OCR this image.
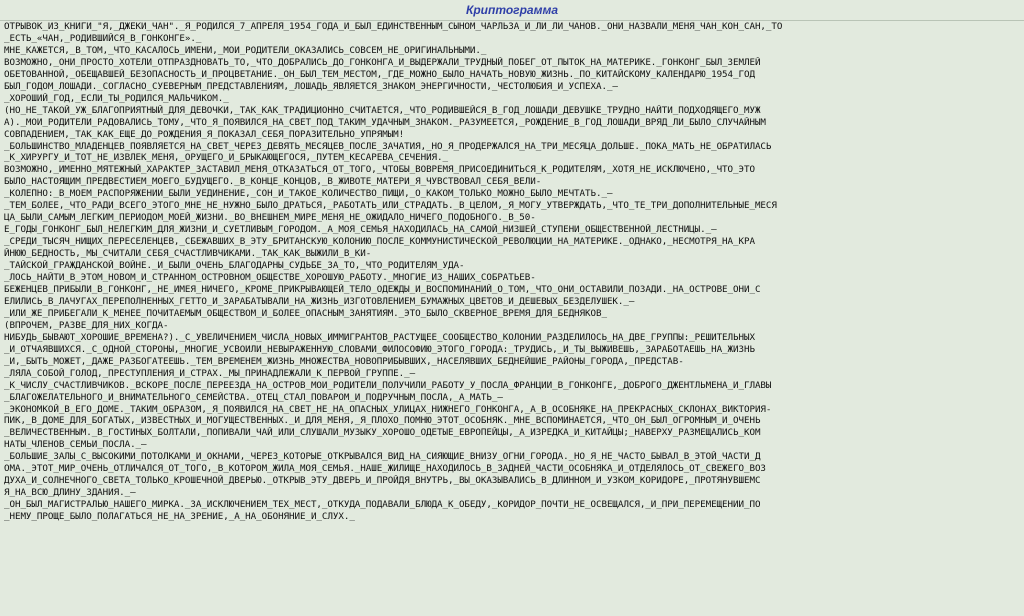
Криптограмма
ОТРЫВОК_ИЗ_КНИГИ_"Я,_ДЖЕКИ_ЧАН"._Я_РОДИЛСЯ_7_АПРЕЛЯ_1954_ГОДА_И_БЫЛ_ЕДИНСТВЕННЫМ_СЫНОМ_ЧАРЛЬЗА_И_ЛИ_ЛИ_ЧАНОВ._ОНИ_НАЗВАЛИ_МЕНЯ_ЧАН_КОН_САН,_ТО
_ЕСТЬ_«ЧАН,_РОДИВШИЙСЯ_В_ГОНКОНГЕ»._
МНЕ_КАЖЕТСЯ,_В_ТОМ,_ЧТО_КАСАЛОСЬ_ИМЕНИ,_МОИ_РОДИТЕЛИ_ОКАЗАЛИСЬ_СОВСЕМ_НЕ_ОРИГИНАЛЬНЫМИ._
ВОЗМОЖНО,_ОНИ_ПРОСТО_ХОТЕЛИ_ОТПРАЗДНОВАТЬ_ТО,_ЧТО_ДОБРАЛИСЬ_ДО_ГОНКОНГА_И_ВЫДЕРЖАЛИ_ТРУДНЫЙ_ПОБЕГ_ОТ_ПЫТОК_НА_МАТЕРИКЕ._ГОНКОНГ_БЫЛ_ЗЕМЛЕЙ
ОБЕТОВАННОЙ,_ОБЕЩАВШЕЙ_БЕЗОПАСНОСТЬ_И_ПРОЦВЕТАНИЕ._ОН_БЫЛ_ТЕМ_МЕСТОМ,_ГДЕ_МОЖНО_БЫЛО_НАЧАТЬ_НОВУЮ_ЖИЗНЬ._ПО_КИТАЙСКОМУ_КАЛЕНДАРЮ_1954_ГОД
БЫЛ_ГОДОМ_ЛОШАДИ._СОГЛАСНО_СУЕВЕРНЫМ_ПРЕДСТАВЛЕНИЯМ,_ЛОШАДЬ_ЯВЛЯЕТСЯ_ЗНАКОМ_ЭНЕРГИЧНОСТИ,_ЧЕСТОЛЮБИЯ_И_УСПЕХА._—
_ХОРОШИЙ_ГОД,_ЕСЛИ_ТЫ_РОДИЛСЯ_МАЛЬЧИКОМ._
(НО_НЕ_ТАКОЙ_УЖ_БЛАГОПРИЯТНЫЙ_ДЛЯ_ДЕВОЧКИ,_ТАК_КАК_ТРАДИЦИОННО_СЧИТАЕТСЯ,_ЧТО_РОДИВШЕЙСЯ_В_ГОД_ЛОШАДИ_ДЕВУШКЕ_ТРУДНО_НАЙТИ_ПОДХОДЯЩЕГО_МУЖ
А)._МОИ_РОДИТЕЛИ_РАДОВАЛИСЬ_ТОМУ,_ЧТО_Я_ПОЯВИЛСЯ_НА_СВЕТ_ПОД_ТАКИМ_УДАЧНЫМ_ЗНАКОМ._РАЗУМЕЕТСЯ,_РОЖДЕНИЕ_В_ГОД_ЛОШАДИ_ВРЯД_ЛИ_БЫЛО_СЛУЧАЙНЫМ
СОВПАДЕНИЕМ,_ТАК_КАК_ЕЩЕ_ДО_РОЖДЕНИЯ_Я_ПОКАЗАЛ_СЕБЯ_ПОРАЗИТЕЛЬНО_УПРЯМЫМ!
_БОЛЬШИНСТВО_МЛАДЕНЦЕВ_ПОЯВЛЯЕТСЯ_НА_СВЕТ_ЧЕРЕЗ_ДЕВЯТЬ_МЕСЯЦЕВ_ПОСЛЕ_ЗАЧАТИЯ,_НО_Я_ПРОДЕРЖАЛСЯ_НА_ТРИ_МЕСЯЦА_ДОЛЬШЕ._ПОКА_МАТЬ_НЕ_ОБРАТИЛАСЬ
_К_ХИРУРГУ_И_ТОТ_НЕ_ИЗВЛЕК_МЕНЯ,_ОРУЩЕГО_И_БРЫКАЮЩЕГОСЯ,_ПУТЕМ_КЕСАРЕВА_СЕЧЕНИЯ._
ВОЗМОЖНО,_ИМЕННО_МЯТЕЖНЫЙ_ХАРАКТЕР_ЗАСТАВИЛ_МЕНЯ_ОТКАЗАТЬСЯ_ОТ_ТОГО,_ЧТОБЫ_ВОВРЕМЯ_ПРИСОЕДИНИТЬСЯ_К_РОДИТЕЛЯМ,_ХОТЯ_НЕ_ИСКЛЮЧЕНО,_ЧТО_ЭТО
БЫЛО_НАСТОЯЩИМ_ПРЕДВЕСТИЕМ_МОЕГО_БУДУЩЕГО._В_КОНЦЕ_КОНЦОВ,_В_ЖИВОТЕ_МАТЕРИ_Я_ЧУВСТВОВАЛ_СЕБЯ_ВЕЛИ-
_КОЛЕПНО:_В_МОЕМ_РАСПОРЯЖЕНИИ_БЫЛИ_УЕДИНЕНИЕ,_СОН_И_ТАКОЕ_КОЛИЧЕСТВО_ПИЩИ,_О_КАКОМ_ТОЛЬКО_МОЖНО_БЫЛО_МЕЧТАТЬ._—
_ТЕМ_БОЛЕЕ,_ЧТО_РАДИ_ВСЕГО_ЭТОГО_МНЕ_НЕ_НУЖНО_БЫЛО_ДРАТЬСЯ,_РАБОТАТЬ_ИЛИ_СТРАДАТЬ._В_ЦЕЛОМ,_Я_МОГУ_УТВЕРЖДАТЬ,_ЧТО_ТЕ_ТРИ_ДОПОЛНИТЕЛЬНЫЕ_МЕСЯ
ЦА_БЫЛИ_САМЫМ_ЛЕГКИМ_ПЕРИОДОМ_МОЕЙ_ЖИЗНИ._ВО_ВНЕШНЕМ_МИРЕ_МЕНЯ_НЕ_ОЖИДАЛО_НИЧЕГО_ПОДОБНОГО._В_50-
Е_ГОДЫ_ГОНКОНГ_БЫЛ_НЕЛЕГКИМ_ДЛЯ_ЖИЗНИ_И_СУЕТЛИВЫМ_ГОРОДОМ._А_МОЯ_СЕМЬЯ_НАХОДИЛАСЬ_НА_САМОЙ_НИЗШЕЙ_СТУПЕНИ_ОБЩЕСТВЕННОЙ_ЛЕСТНИЦЫ._—
_СРЕДИ_ТЫСЯЧ_НИЩИХ_ПЕРЕСЕЛЕНЦЕВ,_СБЕЖАВШИХ_В_ЭТУ_БРИТАНСКУЮ_КОЛОНИЮ_ПОСЛЕ_КОММУНИСТИЧЕСКОЙ_РЕВОЛЮЦИИ_НА_МАТЕРИКЕ._ОДНАКО,_НЕСМОТРЯ_НА_КРА
ЙНЮЮ_БЕДНОСТЬ,_МЫ_СЧИТАЛИ_СЕБЯ_СЧАСТЛИВЧИКАМИ._ТАК_КАК_ВЫЖИЛИ_В_КИ-
_ТАЙСКОЙ_ГРАЖДАНСКОЙ_ВОЙНЕ._И_БЫЛИ_ОЧЕНЬ_БЛАГОДАРНЫ_СУДЬБЕ_ЗА_ТО,_ЧТО_РОДИТЕЛЯМ_УДА-
_ЛОСЬ_НАЙТИ_В_ЭТОМ_НОВОМ_И_СТРАННОМ_ОСТРОВНОМ_ОБЩЕСТВЕ_ХОРОШУЮ_РАБОТУ._МНОГИЕ_ИЗ_НАШИХ_СОБРАТЬЕВ-
БЕЖЕНЦЕВ_ПРИБЫЛИ_В_ГОНКОНГ,_НЕ_ИМЕЯ_НИЧЕГО,_КРОМЕ_ПРИКРЫВАЮЩЕЙ_ТЕЛО_ОДЕЖДЫ_И_ВОСПОМИНАНИЙ_О_ТОМ,_ЧТО_ОНИ_ОСТАВИЛИ_ПОЗАДИ._НА_ОСТРОВЕ_ОНИ_С
ЕЛИЛИСЬ_В_ЛАЧУГАХ_ПЕРЕПОЛНЕННЫХ_ГЕТТО_И_ЗАРАБАТЫВАЛИ_НА_ЖИЗНЬ_ИЗГОТОВЛЕНИЕМ_БУМАЖНЫХ_ЦВЕТОВ_И_ДЕШЕВЫХ_БЕЗДЕЛУШЕК._—
_ИЛИ_ЖЕ_ПРИБЕГАЛИ_К_МЕНЕЕ_ПОЧИТАЕМЫМ_ОБЩЕСТВОМ_И_БОЛЕЕ_ОПАСНЫМ_ЗАНЯТИЯМ._ЭТО_БЫЛО_СКВЕРНОЕ_ВРЕМЯ_ДЛЯ_БЕДНЯКОВ_
(ВПРОЧЕМ,_РАЗВЕ_ДЛЯ_НИХ_КОГДА-
НИБУДЬ_БЫВАЮТ_ХОРОШИЕ_ВРЕМЕНА?)._С_УВЕЛИЧЕНИЕМ_ЧИСЛА_НОВЫХ_ИММИГРАНТОВ_РАСТУЩЕЕ_СООБЩЕСТВО_КОЛОНИИ_РАЗДЕЛИЛОСЬ_НА_ДВЕ_ГРУППЫ:_РЕШИТЕЛЬНЫХ
_И_ОТЧАЯВШИХСЯ._С_ОДНОЙ_СТОРОНЫ,_МНОГИЕ_УСВОИЛИ_НЕВЫРАЖЕННУЮ_СЛОВАМИ_ФИЛОСОФИЮ_ЭТОГО_ГОРОДА:_ТРУДИСЬ,_И_ТЫ_ВЫЖИВЕШЬ,_ЗАРАБОТАЕШЬ_НА_ЖИЗНЬ
_И,_БЫТЬ_МОЖЕТ,_ДАЖЕ_РАЗБОГАТЕЕШЬ._ТЕМ_ВРЕМЕНЕМ_ЖИЗНЬ_МНОЖЕСТВА_НОВОПРИБЫВШИХ,_НАСЕЛЯВШИХ_БЕДНЕЙШИЕ_РАЙОНЫ_ГОРОДА,_ПРЕДСТАВ-
_ЛЯЛА_СОБОЙ_ГОЛОД,_ПРЕСТУПЛЕНИЯ_И_СТРАХ._МЫ_ПРИНАДЛЕЖАЛИ_К_ПЕРВОЙ_ГРУППЕ._—
_К_ЧИСЛУ_СЧАСТЛИВЧИКОВ._ВСКОРЕ_ПОСЛЕ_ПЕРЕЕЗДА_НА_ОСТРОВ_МОИ_РОДИТЕЛИ_ПОЛУЧИЛИ_РАБОТУ_У_ПОСЛА_ФРАНЦИИ_В_ГОНКОНГЕ,_ДОБРОГО_ДЖЕНТЛЬМЕНА_И_ГЛАВЫ
_БЛАГОЖЕЛАТЕЛЬНОГО_И_ВНИМАТЕЛЬНОГО_СЕМЕЙСТВА._ОТЕЦ_СТАЛ_ПОВАРОМ_И_ПОДРУЧНЫМ_ПОСЛА,_А_МАТЬ_—
_ЭКОНОМКОЙ_В_ЕГО_ДОМЕ._ТАКИМ_ОБРАЗОМ,_Я_ПОЯВИЛСЯ_НА_СВЕТ_НЕ_НА_ОПАСНЫХ_УЛИЦАХ_НИЖНЕГО_ГОНКОНГА,_А_В_ОСОБНЯКЕ_НА_ПРЕКРАСНЫХ_СКЛОНАХ_ВИКТОРИЯ-
ПИК,_В_ДОМЕ_ДЛЯ_БОГАТЫХ,_ИЗВЕСТНЫХ_И_МОГУЩЕСТВЕННЫХ._И_ДЛЯ_МЕНЯ,_Я_ПЛОХО_ПОМНЮ_ЭТОТ_ОСОБНЯК._МНЕ_ВСПОМИНАЕТСЯ,_ЧТО_ОН_БЫЛ_ОГРОМНЫМ_И_ОЧЕНЬ
_ВЕЛИЧЕСТВЕННЫМ._В_ГОСТИНЫХ_БОЛТАЛИ,_ПОПИВАЛИ_ЧАЙ_ИЛИ_СЛУШАЛИ_МУЗЫКУ_ХОРОШО_ОДЕТЫЕ_ЕВРОПЕЙЦЫ,_А_ИЗРЕДКА_И_КИТАЙЦЫ;_НАВЕРХУ_РАЗМЕЩАЛИСЬ_КОМ
НАТЫ_ЧЛЕНОВ_СЕМЬИ_ПОСЛА._—
_БОЛЬШИЕ_ЗАЛЫ_С_ВЫСОКИМИ_ПОТОЛКАМИ_И_ОКНАМИ,_ЧЕРЕЗ_КОТОРЫЕ_ОТКРЫВАЛСЯ_ВИД_НА_СИЯЮЩИЕ_ВНИЗУ_ОГНИ_ГОРОДА._НО_Я_НЕ_ЧАСТО_БЫВАЛ_В_ЭТОЙ_ЧАСТИ_Д
ОМА._ЭТОТ_МИР_ОЧЕНЬ_ОТЛИЧАЛСЯ_ОТ_ТОГО,_В_КОТОРОМ_ЖИЛА_МОЯ_СЕМЬЯ._НАШЕ_ЖИЛИЩЕ_НАХОДИЛОСЬ_В_ЗАДНЕЙ_ЧАСТИ_ОСОБНЯКА_И_ОТДЕЛЯЛОСЬ_ОТ_СВЕЖЕГО_ВОЗ
ДУХА_И_СОЛНЕЧНОГО_СВЕТА_ТОЛЬКО_КРОШЕЧНОЙ_ДВЕРЬЮ._ОТКРЫВ_ЭТУ_ДВЕРЬ_И_ПРОЙДЯ_ВНУТРЬ,_ВЫ_ОКАЗЫВАЛИСЬ_В_ДЛИННОМ_И_УЗКОМ_КОРИДОРЕ,_ПРОТЯНУВШЕМС
Я_НА_ВСЮ_ДЛИНУ_ЗДАНИЯ._—
_ОН_БЫЛ_МАГИСТРАЛЬЮ_НАШЕГО_МИРКА._ЗА_ИСКЛЮЧЕНИЕМ_ТЕХ_МЕСТ,_ОТКУДА_ПОДАВАЛИ_БЛЮДА_К_ОБЕДУ,_КОРИДОР_ПОЧТИ_НЕ_ОСВЕЩАЛСЯ,_И_ПРИ_ПЕРЕМЕЩЕНИИ_ПО
_НЕМУ_ПРОЩЕ_БЫЛО_ПОЛАГАТЬСЯ_НЕ_НА_ЗРЕНИЕ,_А_НА_ОБОНЯНИЕ_И_СЛУХ._
